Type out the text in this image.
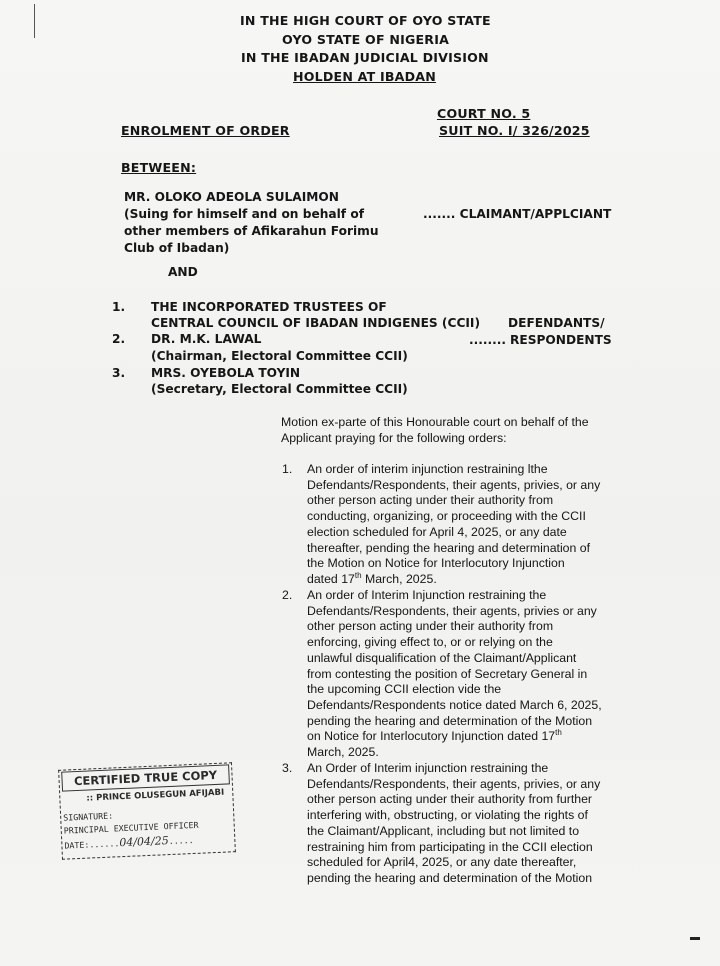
IN THE HIGH COURT OF OYO STATE
OYO STATE OF NIGERIA
IN THE IBADAN JUDICIAL DIVISION
HOLDEN AT IBADAN
COURT NO. 5
ENROLMENT OF ORDER	SUIT NO. I/ 326/2025
BETWEEN:
MR. OLOKO ADEOLA SULAIMON
(Suing for himself and on behalf of
other members of Afikarahun Forimu
Club of Ibadan)
....... CLAIMANT/APPLCIANT
AND
1. THE INCORPORATED TRUSTEES OF
CENTRAL COUNCIL OF IBADAN INDIGENES (CCII) DEFENDANTS/
2. DR. M.K. LAWAL	........ RESPONDENTS
(Chairman, Electoral Committee CCII)
3. MRS. OYEBOLA TOYIN
(Secretary, Electoral Committee CCII)
Motion ex-parte of this Honourable court on behalf of the
Applicant praying for the following orders:
1. An order of interim injunction restraining lthe
Defendants/Respondents, their agents, privies, or any
other person acting under their authority from
conducting, organizing, or proceeding with the CCII
election scheduled for April 4, 2025, or any date
thereafter, pending the hearing and determination of
the Motion on Notice for Interlocutory Injunction
dated 17th March, 2025.
2. An order of Interim Injunction restraining the
Defendants/Respondents, their agents, privies or any
other person acting under their authority from
enforcing, giving effect to, or or relying on the
unlawful disqualification of the Claimant/Applicant
from contesting the position of Secretary General in
the upcoming CCII election vide the
Defendants/Respondents notice dated March 6, 2025,
pending the hearing and determination of the Motion
on Notice for Interlocutory Injunction dated 17th
March, 2025.
3. An Order of Interim injunction restraining the
Defendants/Respondents, their agents, privies, or any
other person acting under their authority from further
interfering with, obstructing, or violating the rights of
the Claimant/Applicant, including but not limited to
restraining him from participating in the CCII election
scheduled for April4, 2025, or any date thereafter,
pending the hearing and determination of the Motion
CERTIFIED TRUE COPY
:: PRINCE OLUSEGUN AFIJABI
SIGNATURE:
PRINCIPAL EXECUTIVE OFFICER
DATE:......04/04/25.....
